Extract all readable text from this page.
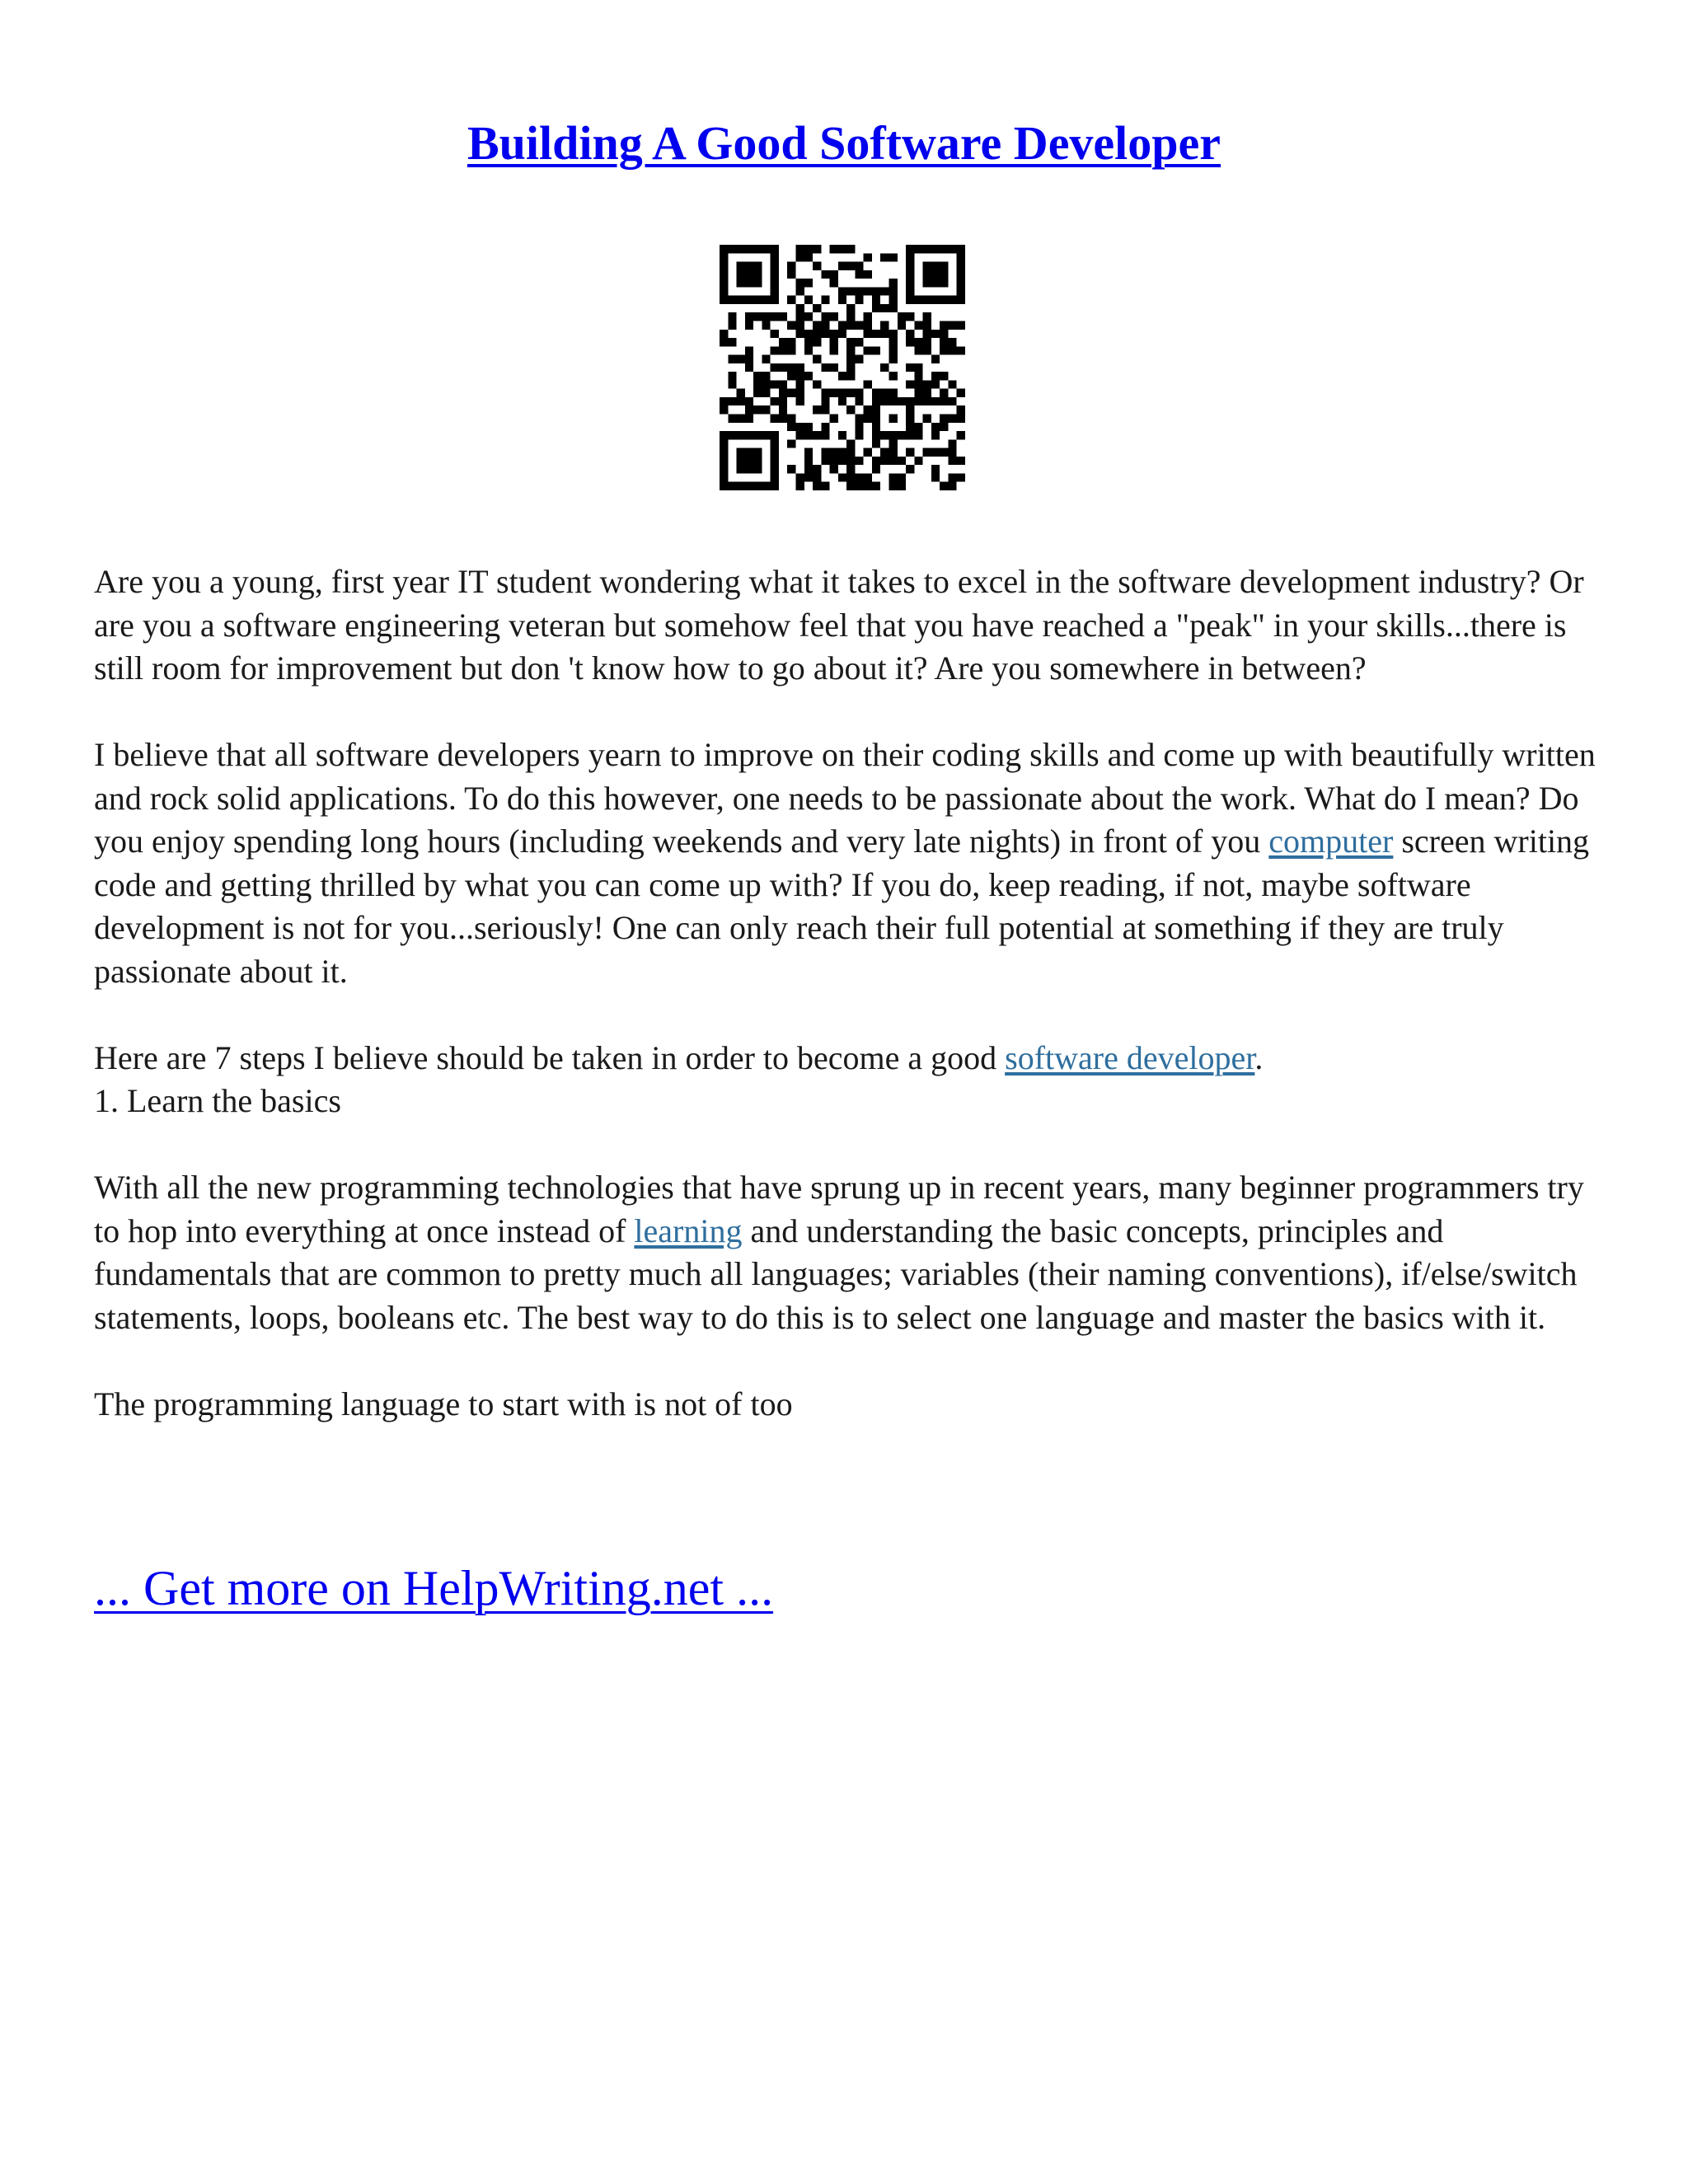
Building A Good Software Developer

Are you a young, first year IT student wondering what it takes to excel in the software development industry? Or are you a software engineering veteran but somehow feel that you have reached a "peak" in your skills...there is still room for improvement but don 't know how to go about it? Are you somewhere in between?

I believe that all software developers yearn to improve on their coding skills and come up with beautifully written and rock solid applications. To do this however, one needs to be passionate about the work. What do I mean? Do you enjoy spending long hours (including weekends and very late nights) in front of you computer screen writing code and getting thrilled by what you can come up with? If you do, keep reading, if not, maybe software development is not for you...seriously! One can only reach their full potential at something if they are truly passionate about it.

Here are 7 steps I believe should be taken in order to become a good software developer.

1. Learn the basics

With all the new programming technologies that have sprung up in recent years, many beginner programmers try to hop into everything at once instead of learning and understanding the basic concepts, principles and fundamentals that are common to pretty much all languages; variables (their naming conventions), if/else/switch statements, loops, booleans etc. The best way to do this is to select one language and master the basics with it.

The programming language to start with is not of too

... Get more on HelpWriting.net ...
